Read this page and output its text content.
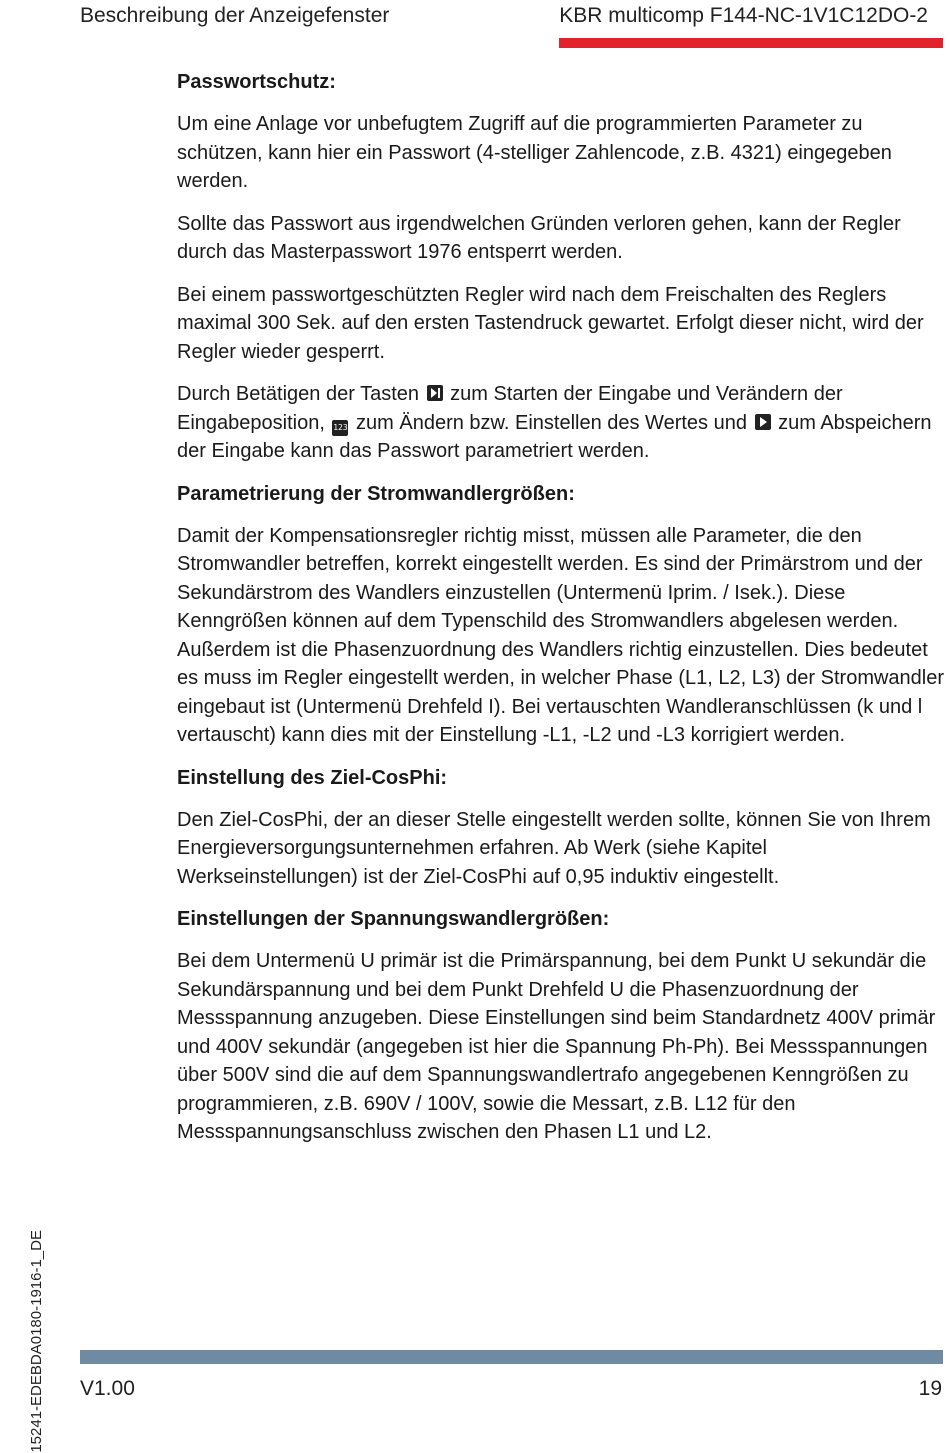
Beschreibung der Anzeigefenster	KBR multicomp F144-NC-1V1C12DO-2
Passwortschutz:

Um eine Anlage vor unbefugtem Zugriff auf die programmierten Parameter zu schützen, kann hier ein Passwort (4-stelliger Zahlencode, z.B. 4321) eingegeben werden.

Sollte das Passwort aus irgendwelchen Gründen verloren gehen, kann der Regler durch das Masterpasswort 1976 entsperrt werden.

Bei einem passwortgeschützten Regler wird nach dem Freischalten des Reglers maximal 300 Sek. auf den ersten Tastendruck gewartet. Erfolgt dieser nicht, wird der Regler wieder gesperrt.

Durch Betätigen der Tasten zum Starten der Eingabe und Verändern der Eingabeposition, 123 zum Ändern bzw. Einstellen des Wertes und zum Abspeichern der Eingabe kann das Passwort parametriert werden.

Parametrierung der Stromwandlergrößen:

Damit der Kompensationsregler richtig misst, müssen alle Parameter, die den Stromwandler betreffen, korrekt eingestellt werden. Es sind der Primärstrom und der Sekundärstrom des Wandlers einzustellen (Untermenü Iprim. / Isek.). Diese Kenngrößen können auf dem Typenschild des Stromwandlers abgelesen werden. Außerdem ist die Phasenzuordnung des Wandlers richtig einzustellen. Dies bedeutet es muss im Regler eingestellt werden, in welcher Phase (L1, L2, L3) der Stromwandler eingebaut ist (Untermenü Drehfeld I). Bei vertauschten Wandleranschlüssen (k und l vertauscht) kann dies mit der Einstellung -L1, -L2 und -L3 korrigiert werden.

Einstellung des Ziel-CosPhi:

Den Ziel-CosPhi, der an dieser Stelle eingestellt werden sollte, können Sie von Ihrem Energieversorgungsunternehmen erfahren. Ab Werk (siehe Kapitel Werkseinstellungen) ist der Ziel-CosPhi auf 0,95 induktiv eingestellt.

Einstellungen der Spannungswandlergrößen:

Bei dem Untermenü U primär ist die Primärspannung, bei dem Punkt U sekundär die Sekundärspannung und bei dem Punkt Drehfeld U die Phasenzuordnung der Messspannung anzugeben. Diese Einstellungen sind beim Standardnetz 400V primär und 400V sekundär (angegeben ist hier die Spannung Ph-Ph). Bei Messspannungen über 500V sind die auf dem Spannungswandlertrafo angegebenen Kenngrößen zu programmieren, z.B. 690V / 100V, sowie die Messart, z.B. L12 für den Messspannungsanschluss zwischen den Phasen L1 und L2.

15241-EDEBDA0180-1916-1_DE V1.00	19
